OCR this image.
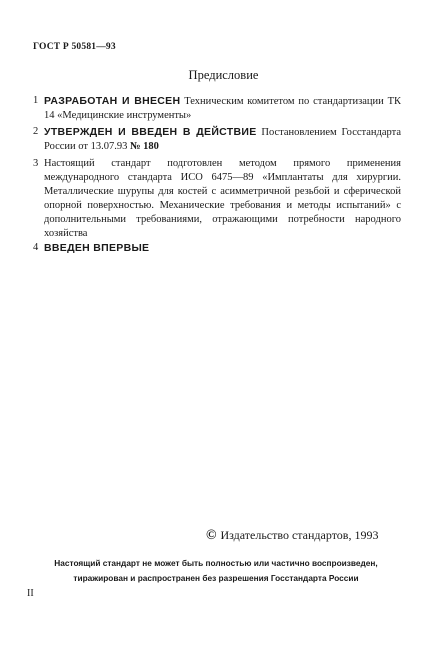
ГОСТ Р 50581—93
Предисловие
1 РАЗРАБОТАН И ВНЕСЕН Техническим комитетом по стандартизации ТК 14 «Медицинские инструменты»
2 УТВЕРЖДЕН И ВВЕДЕН В ДЕЙСТВИЕ Постановлением Госстандарта России от 13.07.93 № 180
3 Настоящий стандарт подготовлен методом прямого применения международного стандарта ИСО 6475—89 «Имплантаты для хирургии. Металлические шурупы для костей с асимметричной резьбой и сферической опорной поверхностью. Механические требования и методы испытаний» с дополнительными требованиями, отражающими потребности народного хозяйства
4 ВВЕДЕН ВПЕРВЫЕ
© Издательство стандартов, 1993
Настоящий стандарт не может быть полностью или частично воспроизведен,
тиражирован и распространен без разрешения Госстандарта России
II
